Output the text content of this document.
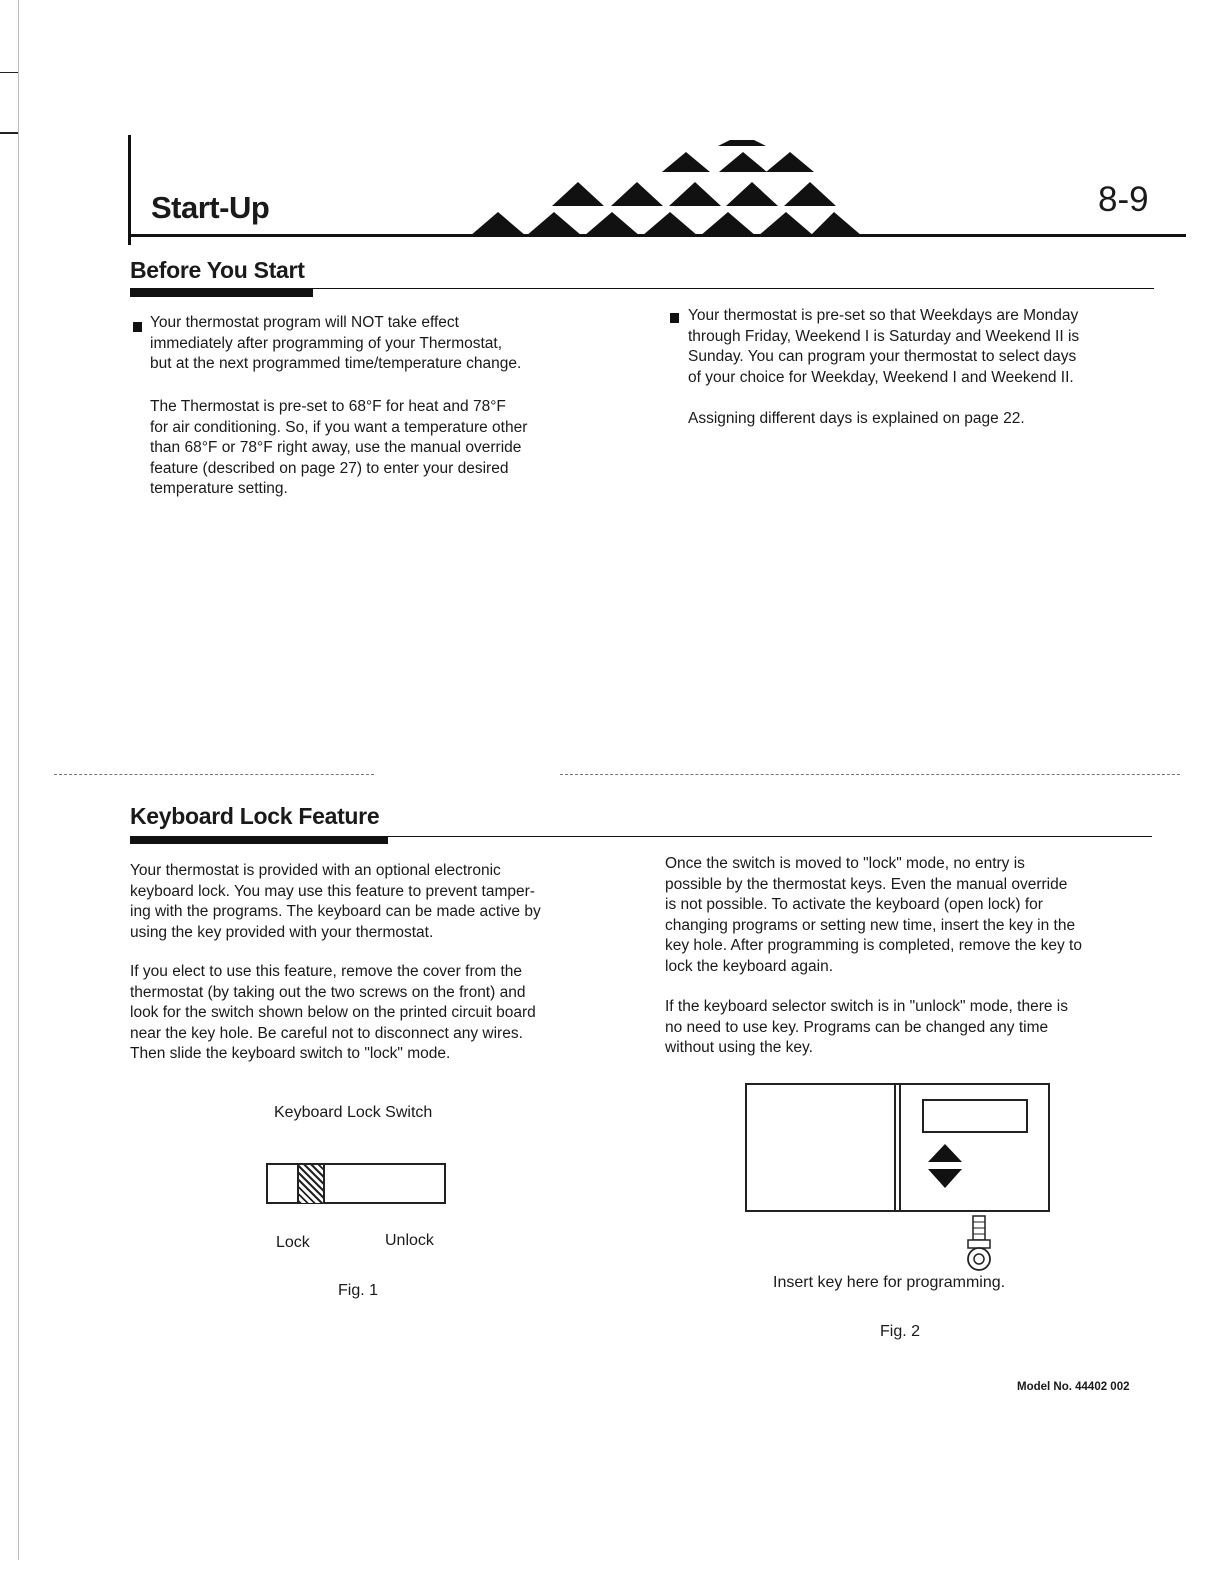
Start-Up	8-9
Before You Start
Your thermostat program will NOT take effect
immediately after programming of your Thermostat,
but at the next programmed time/temperature change.
The Thermostat is pre-set to 68°F for heat and 78°F
for air conditioning. So, if you want a temperature other
than 68°F or 78°F right away, use the manual override
feature (described on page 27) to enter your desired
temperature setting.
Your thermostat is pre-set so that Weekdays are Monday
through Friday, Weekend I is Saturday and Weekend II is
Sunday. You can program your thermostat to select days
of your choice for Weekday, Weekend I and Weekend II.
Assigning different days is explained on page 22.
Keyboard Lock Feature
Your thermostat is provided with an optional electronic
keyboard lock. You may use this feature to prevent tamper-
ing with the programs. The keyboard can be made active by
using the key provided with your thermostat.
If you elect to use this feature, remove the cover from the
thermostat (by taking out the two screws on the front) and
look for the switch shown below on the printed circuit board
near the key hole. Be careful not to disconnect any wires.
Then slide the keyboard switch to "lock" mode.
Once the switch is moved to "lock" mode, no entry is
possible by the thermostat keys. Even the manual override
is not possible. To activate the keyboard (open lock) for
changing programs or setting new time, insert the key in the
key hole. After programming is completed, remove the key to
lock the keyboard again.
If the keyboard selector switch is in "unlock" mode, there is
no need to use key. Programs can be changed any time
without using the key.
Keyboard Lock Switch
Lock	Unlock
Fig. 1	Insert key here for programming.
Fig. 2
Model No. 44402 002
